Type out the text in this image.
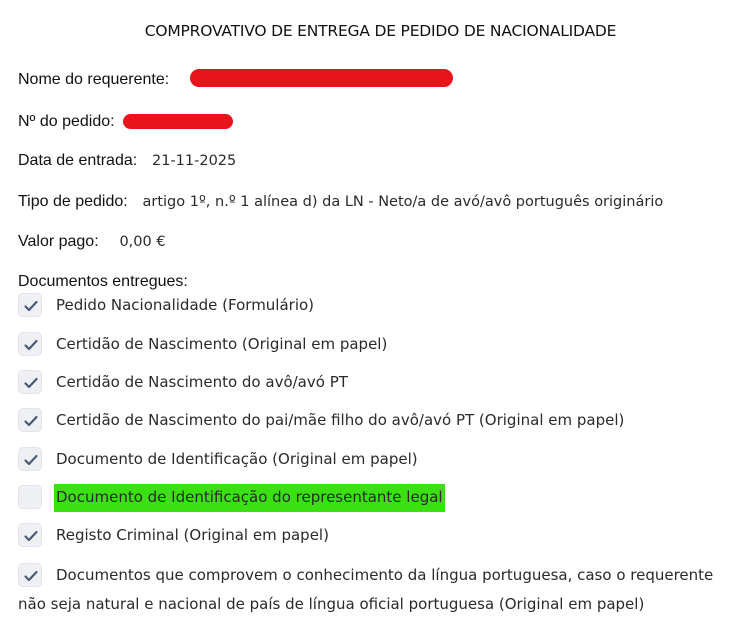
COMPROVATIVO DE ENTREGA DE PEDIDO DE NACIONALIDADE
Nome do requerente:
Nº do pedido:
Data de entrada: 21-11-2025
Tipo de pedido: artigo 1º, n.º 1 alínea d) da LN - Neto/a de avó/avô português originário
Valor pago: 0,00 €
Documentos entregues:
Pedido Nacionalidade (Formulário)
Certidão de Nascimento (Original em papel)
Certidão de Nascimento do avô/avó PT
Certidão de Nascimento do pai/mãe filho do avô/avó PT (Original em papel)
Documento de Identificação (Original em papel)
Documento de Identificação do representante legal
Registo Criminal (Original em papel)
Documentos que comprovem o conhecimento da língua portuguesa, caso o requerente
não seja natural e nacional de país de língua oficial portuguesa (Original em papel)
